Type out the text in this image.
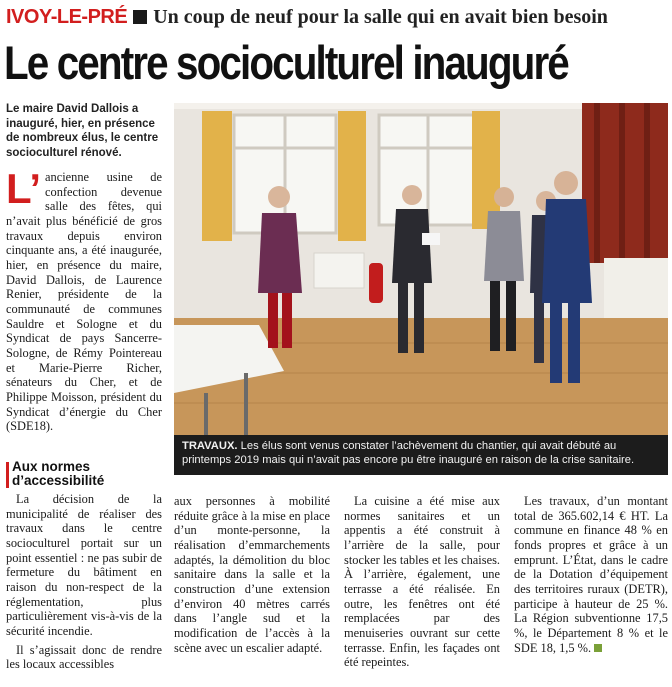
IVOY-LE-PRÉ Un coup de neuf pour la salle qui en avait bien besoin
Le centre socioculturel inauguré
Le maire David Dallois a inauguré, hier, en présence de nombreux élus, le centre socioculturel rénové.
L’ ancienne usine de confection devenue salle des fêtes, qui n’avait plus bénéficié de gros travaux depuis environ cinquante ans, a été inaugurée, hier, en présence du maire, David Dallois, de Laurence Renier, présidente de la communauté de communes Sauldre et Sologne et du Syndicat de pays Sancerre-Sologne, de Rémy Pointereau et Marie-Pierre Richer, sénateurs du Cher, et de Philippe Moisson, président du Syndicat d’énergie du Cher (SDE18).
Aux normes d’accessibilité
TRAVAUX. Les élus sont venus constater l’achèvement du chantier, qui avait débuté au printemps 2019 mais qui n’avait pas encore pu être inauguré en raison de la crise sanitaire.

La décision de la municipalité de réaliser des travaux dans le centre socioculturel portait sur un point essentiel : ne pas subir de fermeture du bâtiment en raison du non-respect de la réglementation, plus particulièrement vis-à-vis de la sécurité incendie.

Il s’agissait donc de rendre les locaux accessibles

aux personnes à mobilité réduite grâce à la mise en place d’un monte-personne, la réalisation d’emmarchements adaptés, la démolition du bloc sanitaire dans la salle et la construction d’une extension d’environ 40 mètres carrés dans l’angle sud et la modification de l’accès à la scène avec un escalier adapté.

La cuisine a été mise aux normes sanitaires et un appentis a été construit à l’arrière de la salle, pour stocker les tables et les chaises. À l’arrière, également, une terrasse a été réalisée. En outre, les fenêtres ont été remplacées par des menuiseries ouvrant sur cette terrasse. Enfin, les façades ont été repeintes.

Les travaux, d’un montant total de 365.602,14 € HT. La commune en finance 48 % en fonds propres et grâce à un emprunt. L’État, dans le cadre de la Dotation d’équipement des territoires ruraux (DETR), participe à hauteur de 25 %. La Région subventionne 17,5 %, le Département 8 % et le SDE 18, 1,5 %.
